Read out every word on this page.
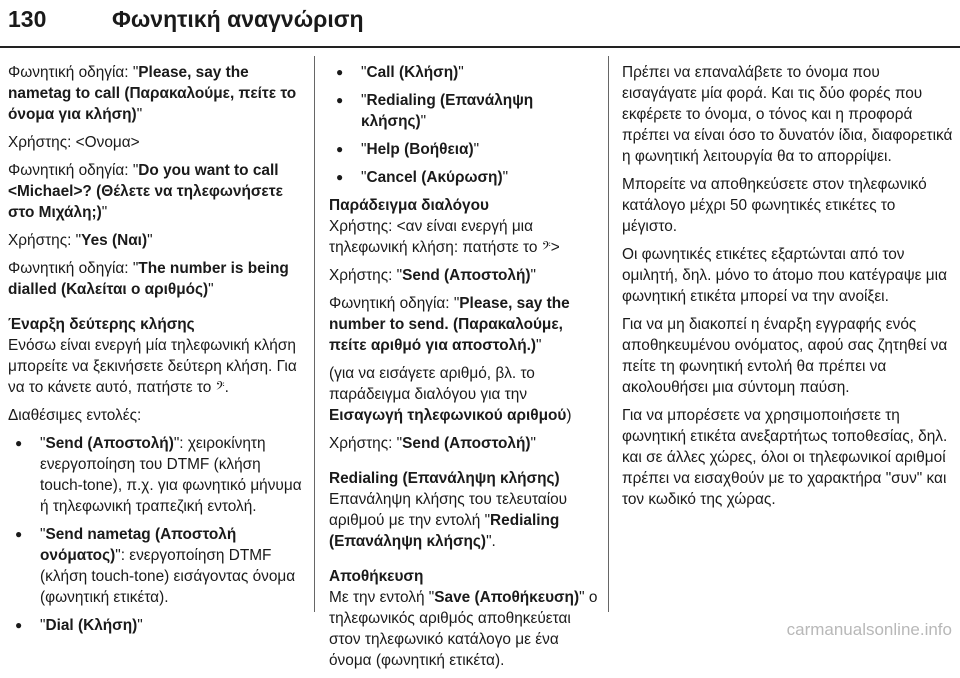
130	Φωνητική αναγνώριση

Φωνητική οδηγία: "Please, say the nametag to call (Παρακαλούμε, πείτε το όνομα για κλήση)"

Χρήστης: <Ονομα>

Φωνητική οδηγία: "Do you want to call <Michael>? (Θέλετε να τηλεφωνήσετε στο Μιχάλη;)"

Χρήστης: "Yes (Ναι)"

Φωνητική οδηγία: "The number is being dialled (Καλείται ο αριθμός)"

Έναρξη δεύτερης κλήσης

Ενόσω είναι ενεργή μία τηλεφωνική κλήση μπορείτε να ξεκινήσετε δεύτερη κλήση. Για να το κάνετε αυτό, πατήστε το 𝄢.

Διαθέσιμες εντολές:

● "Send (Αποστολή)": χειροκίνητη ενεργοποίηση του DTMF (κλήση touch-tone), π.χ. για φωνητικό μήνυμα ή τηλεφωνική τραπεζική εντολή.
● "Send nametag (Αποστολή ονόματος)": ενεργοποίηση DTMF (κλήση touch-tone) εισάγοντας όνομα (φωνητική ετικέτα).
● "Dial (Κλήση)"
● "Call (Κλήση)"
● "Redialing (Επανάληψη κλήσης)"
● "Help (Βοήθεια)"
● "Cancel (Ακύρωση)"

Παράδειγμα διαλόγου

Χρήστης: <αν είναι ενεργή μια τηλεφωνική κλήση: πατήστε το 𝄢>

Χρήστης: "Send (Αποστολή)"

Φωνητική οδηγία: "Please, say the number to send. (Παρακαλούμε, πείτε αριθμό για αποστολή.)"

(για να εισάγετε αριθμό, βλ. το παράδειγμα διαλόγου για την Εισαγωγή τηλεφωνικού αριθμού)

Χρήστης: "Send (Αποστολή)"

Redialing (Επανάληψη κλήσης)

Επανάληψη κλήσης του τελευταίου αριθμού με την εντολή "Redialing (Επανάληψη κλήσης)".

Αποθήκευση

Με την εντολή "Save (Αποθήκευση)" ο τηλεφωνικός αριθμός αποθηκεύεται στον τηλεφωνικό κατάλογο με ένα όνομα (φωνητική ετικέτα).

Πρέπει να επαναλάβετε το όνομα που εισαγάγατε μία φορά. Και τις δύο φορές που εκφέρετε το όνομα, ο τόνος και η προφορά πρέπει να είναι όσο το δυνατόν ίδια, διαφορετικά η φωνητική λειτουργία θα το απορρίψει.

Μπορείτε να αποθηκεύσετε στον τηλεφωνικό κατάλογο μέχρι 50 φωνητικές ετικέτες το μέγιστο.

Οι φωνητικές ετικέτες εξαρτώνται από τον ομιλητή, δηλ. μόνο το άτομο που κατέγραψε μια φωνητική ετικέτα μπορεί να την ανοίξει.

Για να μη διακοπεί η έναρξη εγγραφής ενός αποθηκευμένου ονόματος, αφού σας ζητηθεί να πείτε τη φωνητική εντολή θα πρέπει να ακολουθήσει μια σύντομη παύση.

Για να μπορέσετε να χρησιμοποιήσετε τη φωνητική ετικέτα ανεξαρτήτως τοποθεσίας, δηλ. και σε άλλες χώρες, όλοι οι τηλεφωνικοί αριθμοί πρέπει να εισαχθούν με το χαρακτήρα "συν" και τον κωδικό της χώρας.

carmanualsonline.info
